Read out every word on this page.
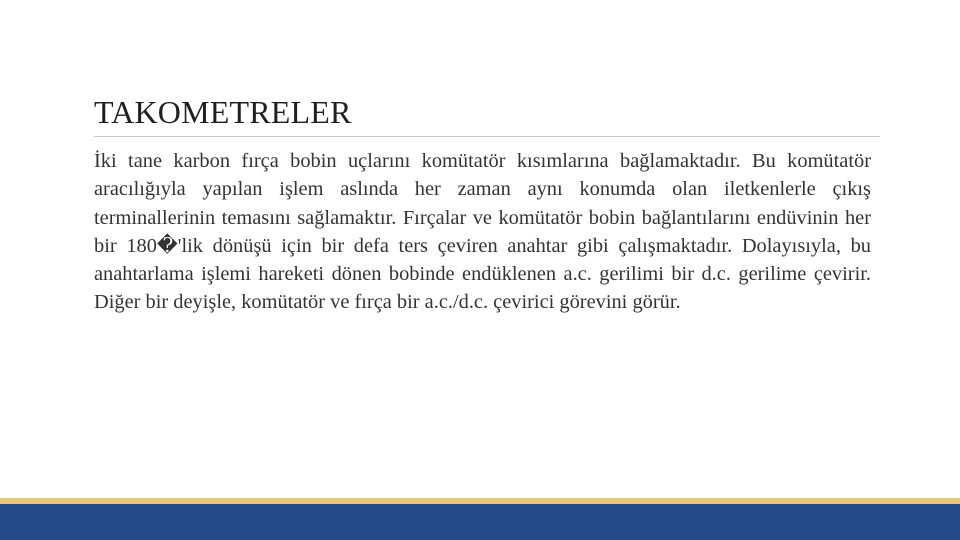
TAKOMETRELER

İki tane karbon fırça bobin uçlarını komütatör kısımlarına bağlamaktadır. Bu komütatör aracılığıyla yapılan işlem aslında her zaman aynı konumda olan iletkenlerle çıkış terminallerinin temasını sağlamaktır. Fırçalar ve komütatör bobin bağlantılarını endüvinin her bir 180�'lik dönüşü için bir defa ters çeviren anahtar gibi çalışmaktadır. Dolayısıyla, bu anahtarlama işlemi hareketi dönen bobinde endüklenen a.c. gerilimi bir d.c. gerilime çevirir. Diğer bir deyişle, komütatör ve fırça bir a.c./d.c. çevirici görevini görür.
